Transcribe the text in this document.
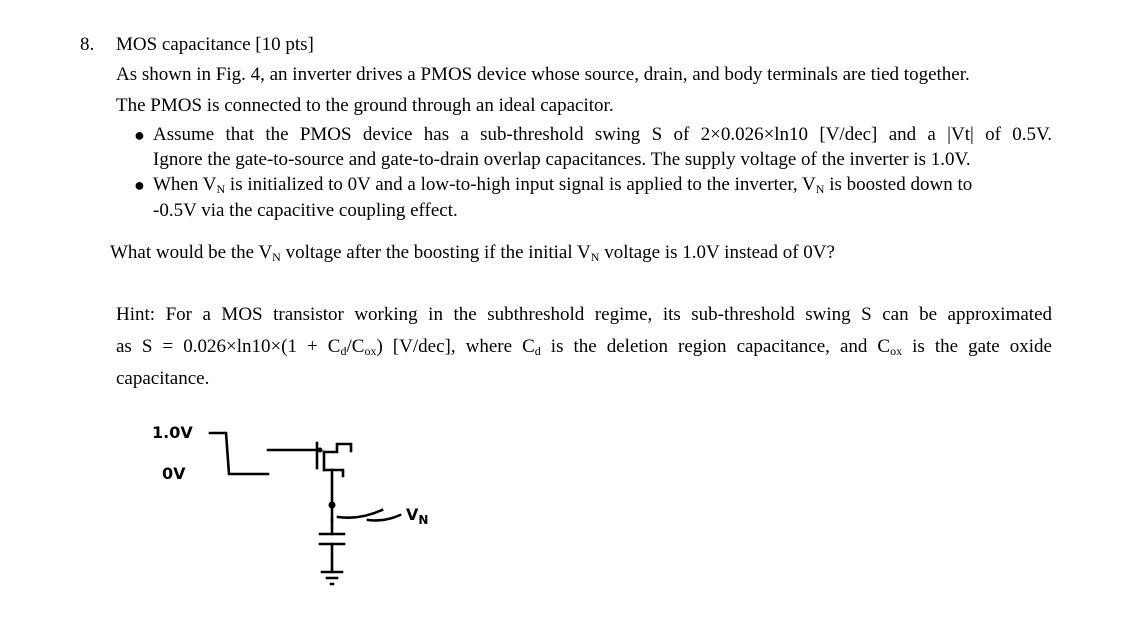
8. MOS capacitance [10 pts]
As shown in Fig. 4, an inverter drives a PMOS device whose source, drain, and body terminals are tied together.
The PMOS is connected to the ground through an ideal capacitor.
● Assume that the PMOS device has a sub-threshold swing S of 2×0.026×ln10 [V/dec] and a |Vt| of 0.5V.
Ignore the gate-to-source and gate-to-drain overlap capacitances. The supply voltage of the inverter is 1.0V.
● When $V_N$ is initialized to 0V and a low-to-high input signal is applied to the inverter, $V_N$ is boosted down to
-0.5V via the capacitive coupling effect.
What would be the $V_N$ voltage after the boosting if the initial $V_N$ voltage is 1.0V instead of 0V?
Hint: For a MOS transistor working in the subthreshold regime, its sub-threshold swing S can be approximated
as $S = 0.026\times\ln 10\times(1 + C_d/C_{ox})$ [V/dec], where $C_d$ is the deletion region capacitance, and $C_{ox}$ is the gate oxide
capacitance.
1.0V
0V
$V_N$
